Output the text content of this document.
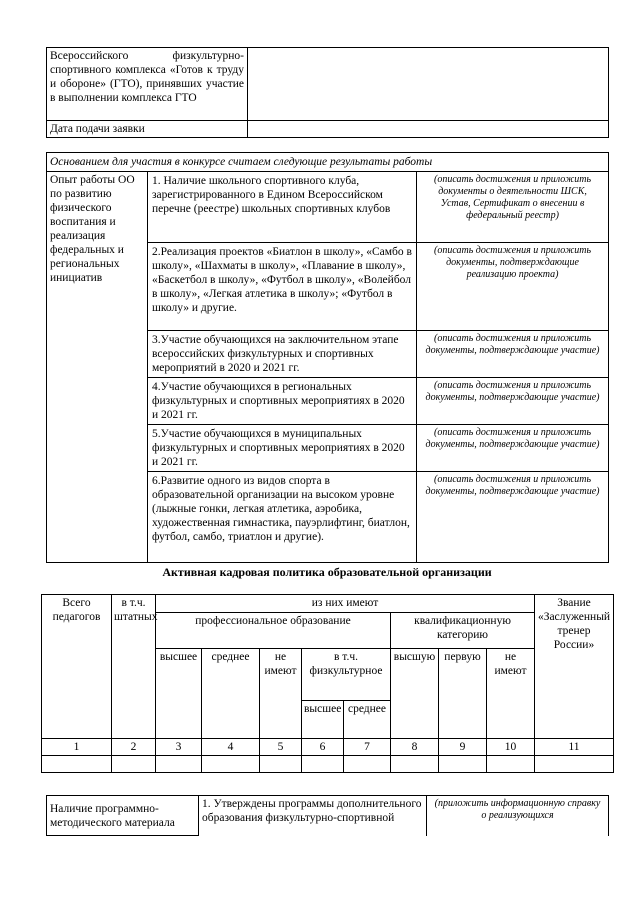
Всероссийского физкультурно-спортивного комплекса «Готов к труду и обороне» (ГТО), принявших участие в выполнении комплекса ГТО	
Дата подачи заявки	
Основанием для участия в конкурсе считаем следующие результаты работы		
Опыт работы ОО по развитию физического воспитания и реализация федеральных и региональных инициатив	1. Наличие школьного спортивного клуба, зарегистрированного в Едином Всероссийском перечне (реестре) школьных спортивных клубов	(описать достижения и приложить документы о деятельности ШСК, Устав, Сертификат о внесении в федеральный реестр)
	2.Реализация проектов «Биатлон в школу», «Самбо в школу», «Шахматы в школу», «Плавание в школу», «Баскетбол в школу», «Футбол в школу», «Волейбол в школу», «Легкая атлетика в школу»; «Футбол в школу» и другие.	(описать достижения и приложить документы, подтверждающие реализацию проекта)
	3.Участие обучающихся на заключительном этапе всероссийских физкультурных и спортивных мероприятий в 2020 и 2021 гг.	(описать достижения и приложить документы, подтверждающие участие)
	4.Участие обучающихся в региональных физкультурных и спортивных мероприятиях в 2020 и 2021 гг.	(описать достижения и приложить документы, подтверждающие участие)
	5.Участие обучающихся в муниципальных физкультурных и спортивных мероприятиях в 2020 и 2021 гг.	(описать достижения и приложить документы, подтверждающие участие)
	6.Развитие одного из видов спорта в образовательной организации на высоком уровне (лыжные гонки, легкая атлетика, аэробика, художественная гимнастика, пауэрлифтинг, биатлон, футбол, самбо, триатлон и другие).	(описать достижения и приложить документы, подтверждающие участие)
Активная кадровая политика образовательной организации
Всего педагогов	в т.ч. штатных	из них имеют								Звание «Заслуженный тренер России»
		профессиональное образование					квалификационную категорию			
		высшее	среднее	не имеют	в т.ч. физкультурное		высшую	первую	не имеют	
					высшее	среднее				
1	2	3	4	5	6	7	8	9	10	11

Наличие программно-методического материала	1. Утверждены программы дополнительного образования физкультурно-спортивной	(приложить информационную справку о реализующихся
